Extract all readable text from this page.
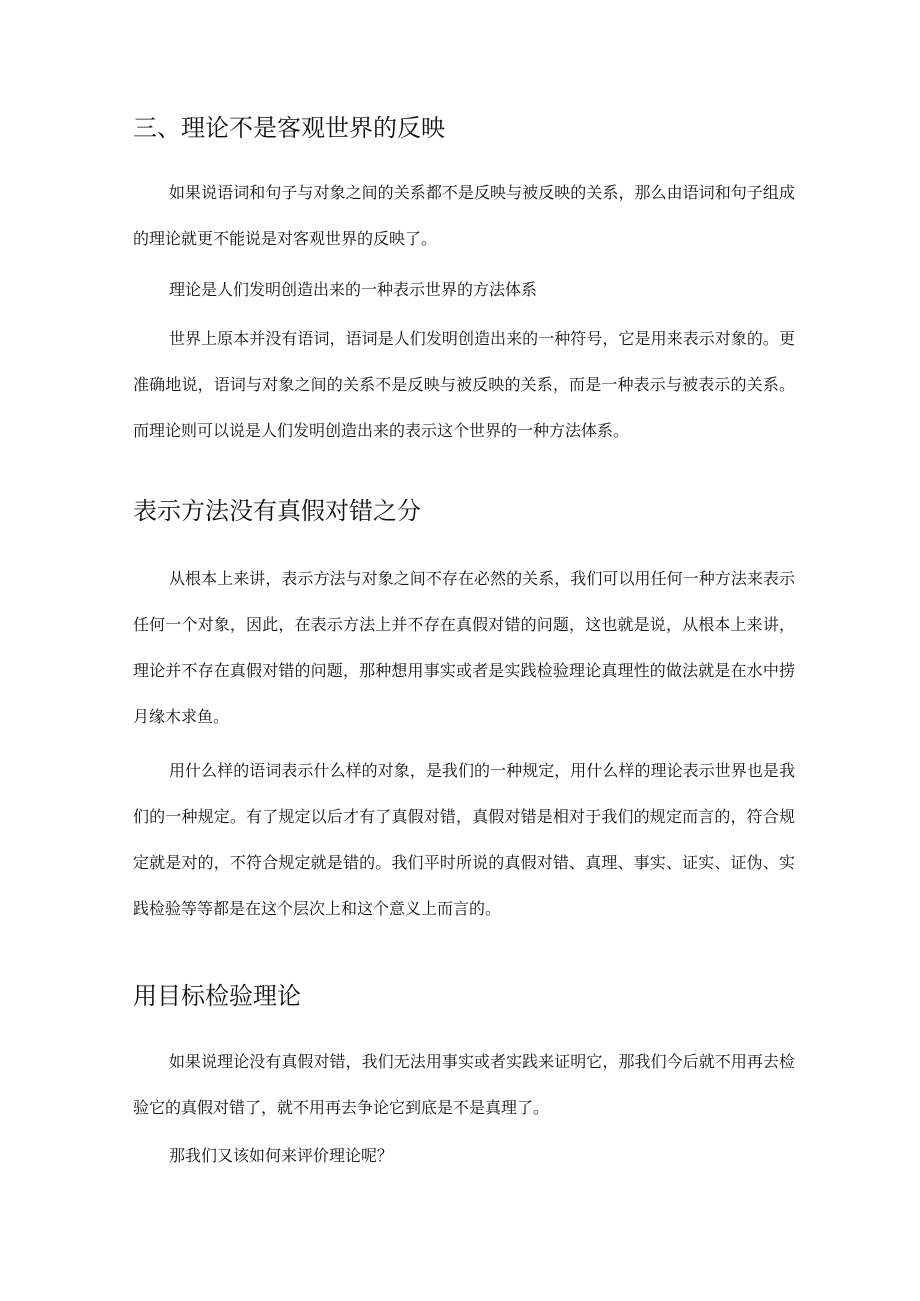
三、理论不是客观世界的反映

如果说语词和句子与对象之间的关系都不是反映与被反映的关系，那么由语词和句子组成的理论就更不能说是对客观世界的反映了。

理论是人们发明创造出来的一种表示世界的方法体系

世界上原本并没有语词，语词是人们发明创造出来的一种符号，它是用来表示对象的。更准确地说，语词与对象之间的关系不是反映与被反映的关系，而是一种表示与被表示的关系。而理论则可以说是人们发明创造出来的表示这个世界的一种方法体系。

表示方法没有真假对错之分

从根本上来讲，表示方法与对象之间不存在必然的关系，我们可以用任何一种方法来表示任何一个对象，因此，在表示方法上并不存在真假对错的问题，这也就是说，从根本上来讲，理论并不存在真假对错的问题，那种想用事实或者是实践检验理论真理性的做法就是在水中捞月缘木求鱼。

用什么样的语词表示什么样的对象，是我们的一种规定，用什么样的理论表示世界也是我们的一种规定。有了规定以后才有了真假对错，真假对错是相对于我们的规定而言的，符合规定就是对的，不符合规定就是错的。我们平时所说的真假对错、真理、事实、证实、证伪、实践检验等等都是在这个层次上和这个意义上而言的。

用目标检验理论

如果说理论没有真假对错，我们无法用事实或者实践来证明它，那我们今后就不用再去检验它的真假对错了，就不用再去争论它到底是不是真理了。

那我们又该如何来评价理论呢？
